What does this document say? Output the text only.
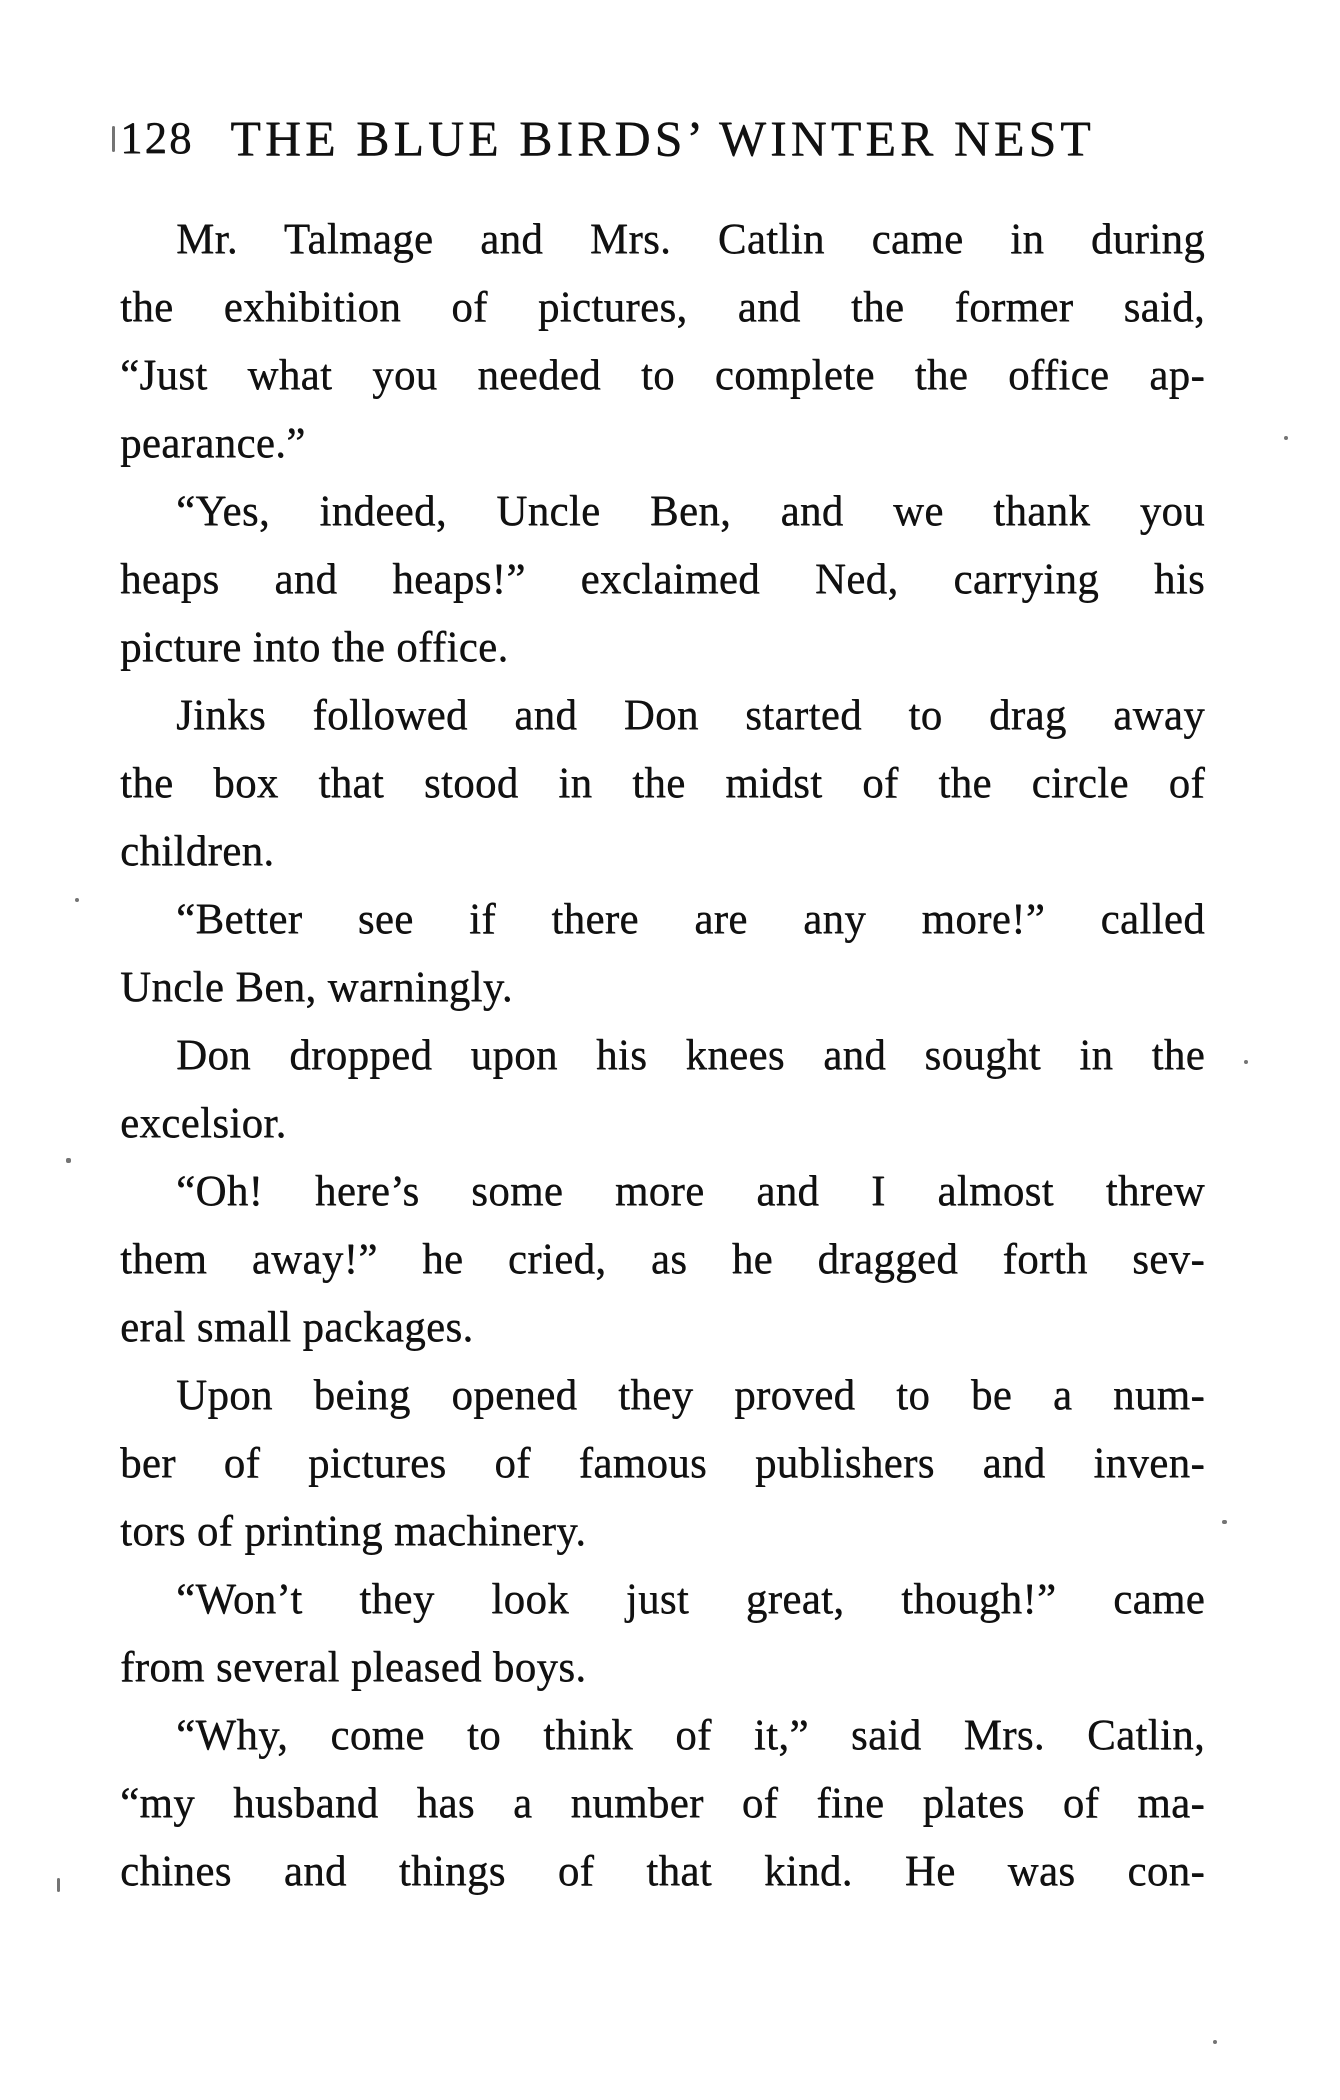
128 THE BLUE BIRDS’ WINTER NEST
Mr. Talmage and Mrs. Catlin came in during
the exhibition of pictures, and the former said,
“Just what you needed to complete the office ap-
pearance.”
“Yes, indeed, Uncle Ben, and we thank you
heaps and heaps!” exclaimed Ned, carrying his
picture into the office.
Jinks followed and Don started to drag away
the box that stood in the midst of the circle of
children.
“Better see if there are any more!” called
Uncle Ben, warningly.
Don dropped upon his knees and sought in the
excelsior.
“Oh! here’s some more and I almost threw
them away!” he cried, as he dragged forth sev-
eral small packages.
Upon being opened they proved to be a num-
ber of pictures of famous publishers and inven-
tors of printing machinery.
“Won’t they look just great, though!” came
from several pleased boys.
“Why, come to think of it,” said Mrs. Catlin,
“my husband has a number of fine plates of ma-
chines and things of that kind. He was con-
